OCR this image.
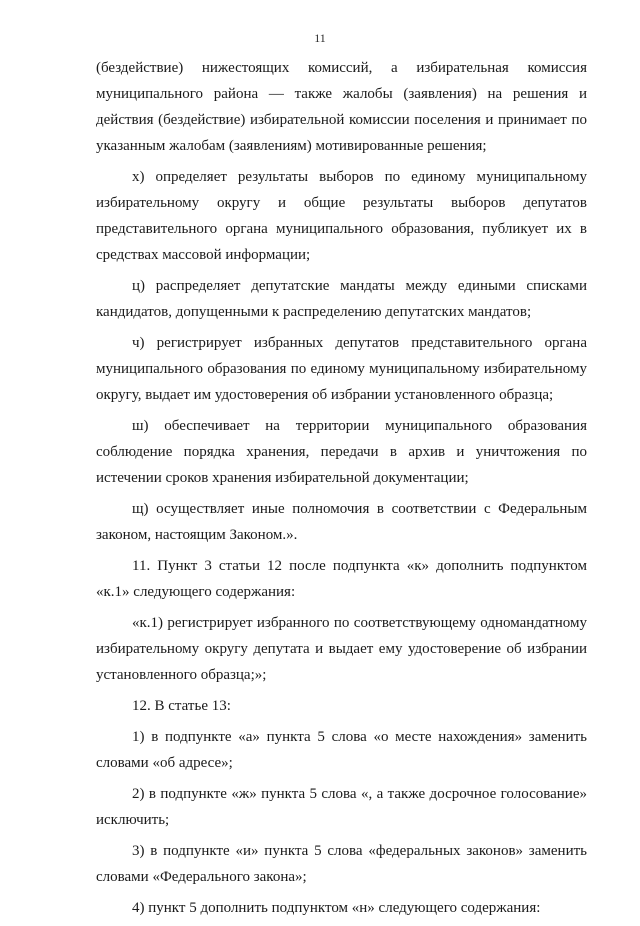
11

(бездействие) нижестоящих комиссий, а избирательная комиссия муниципального района — также жалобы (заявления) на решения и действия (бездействие) избирательной комиссии поселения и принимает по указанным жалобам (заявлениям) мотивированные решения;

х) определяет результаты выборов по единому муниципальному избирательному округу и общие результаты выборов депутатов представительного органа муниципального образования, публикует их в средствах массовой информации;

ц) распределяет депутатские мандаты между едиными списками кандидатов, допущенными к распределению депутатских мандатов;

ч) регистрирует избранных депутатов представительного органа муниципального образования по единому муниципальному избирательному округу, выдает им удостоверения об избрании установленного образца;

ш) обеспечивает на территории муниципального образования соблюдение порядка хранения, передачи в архив и уничтожения по истечении сроков хранения избирательной документации;

щ) осуществляет иные полномочия в соответствии с Федеральным законом, настоящим Законом.».

11. Пункт 3 статьи 12 после подпункта «к» дополнить подпунктом «к.1» следующего содержания:

«к.1) регистрирует избранного по соответствующему одномандатному избирательному округу депутата и выдает ему удостоверение об избрании установленного образца;»;

12. В статье 13:

1) в подпункте «а» пункта 5 слова «о месте нахождения» заменить словами «об адресе»;

2) в подпункте «ж» пункта 5 слова «, а также досрочное голосование» исключить;

3) в подпункте «и» пункта 5 слова «федеральных законов» заменить словами «Федерального закона»;

4) пункт 5 дополнить подпунктом «н» следующего содержания:
